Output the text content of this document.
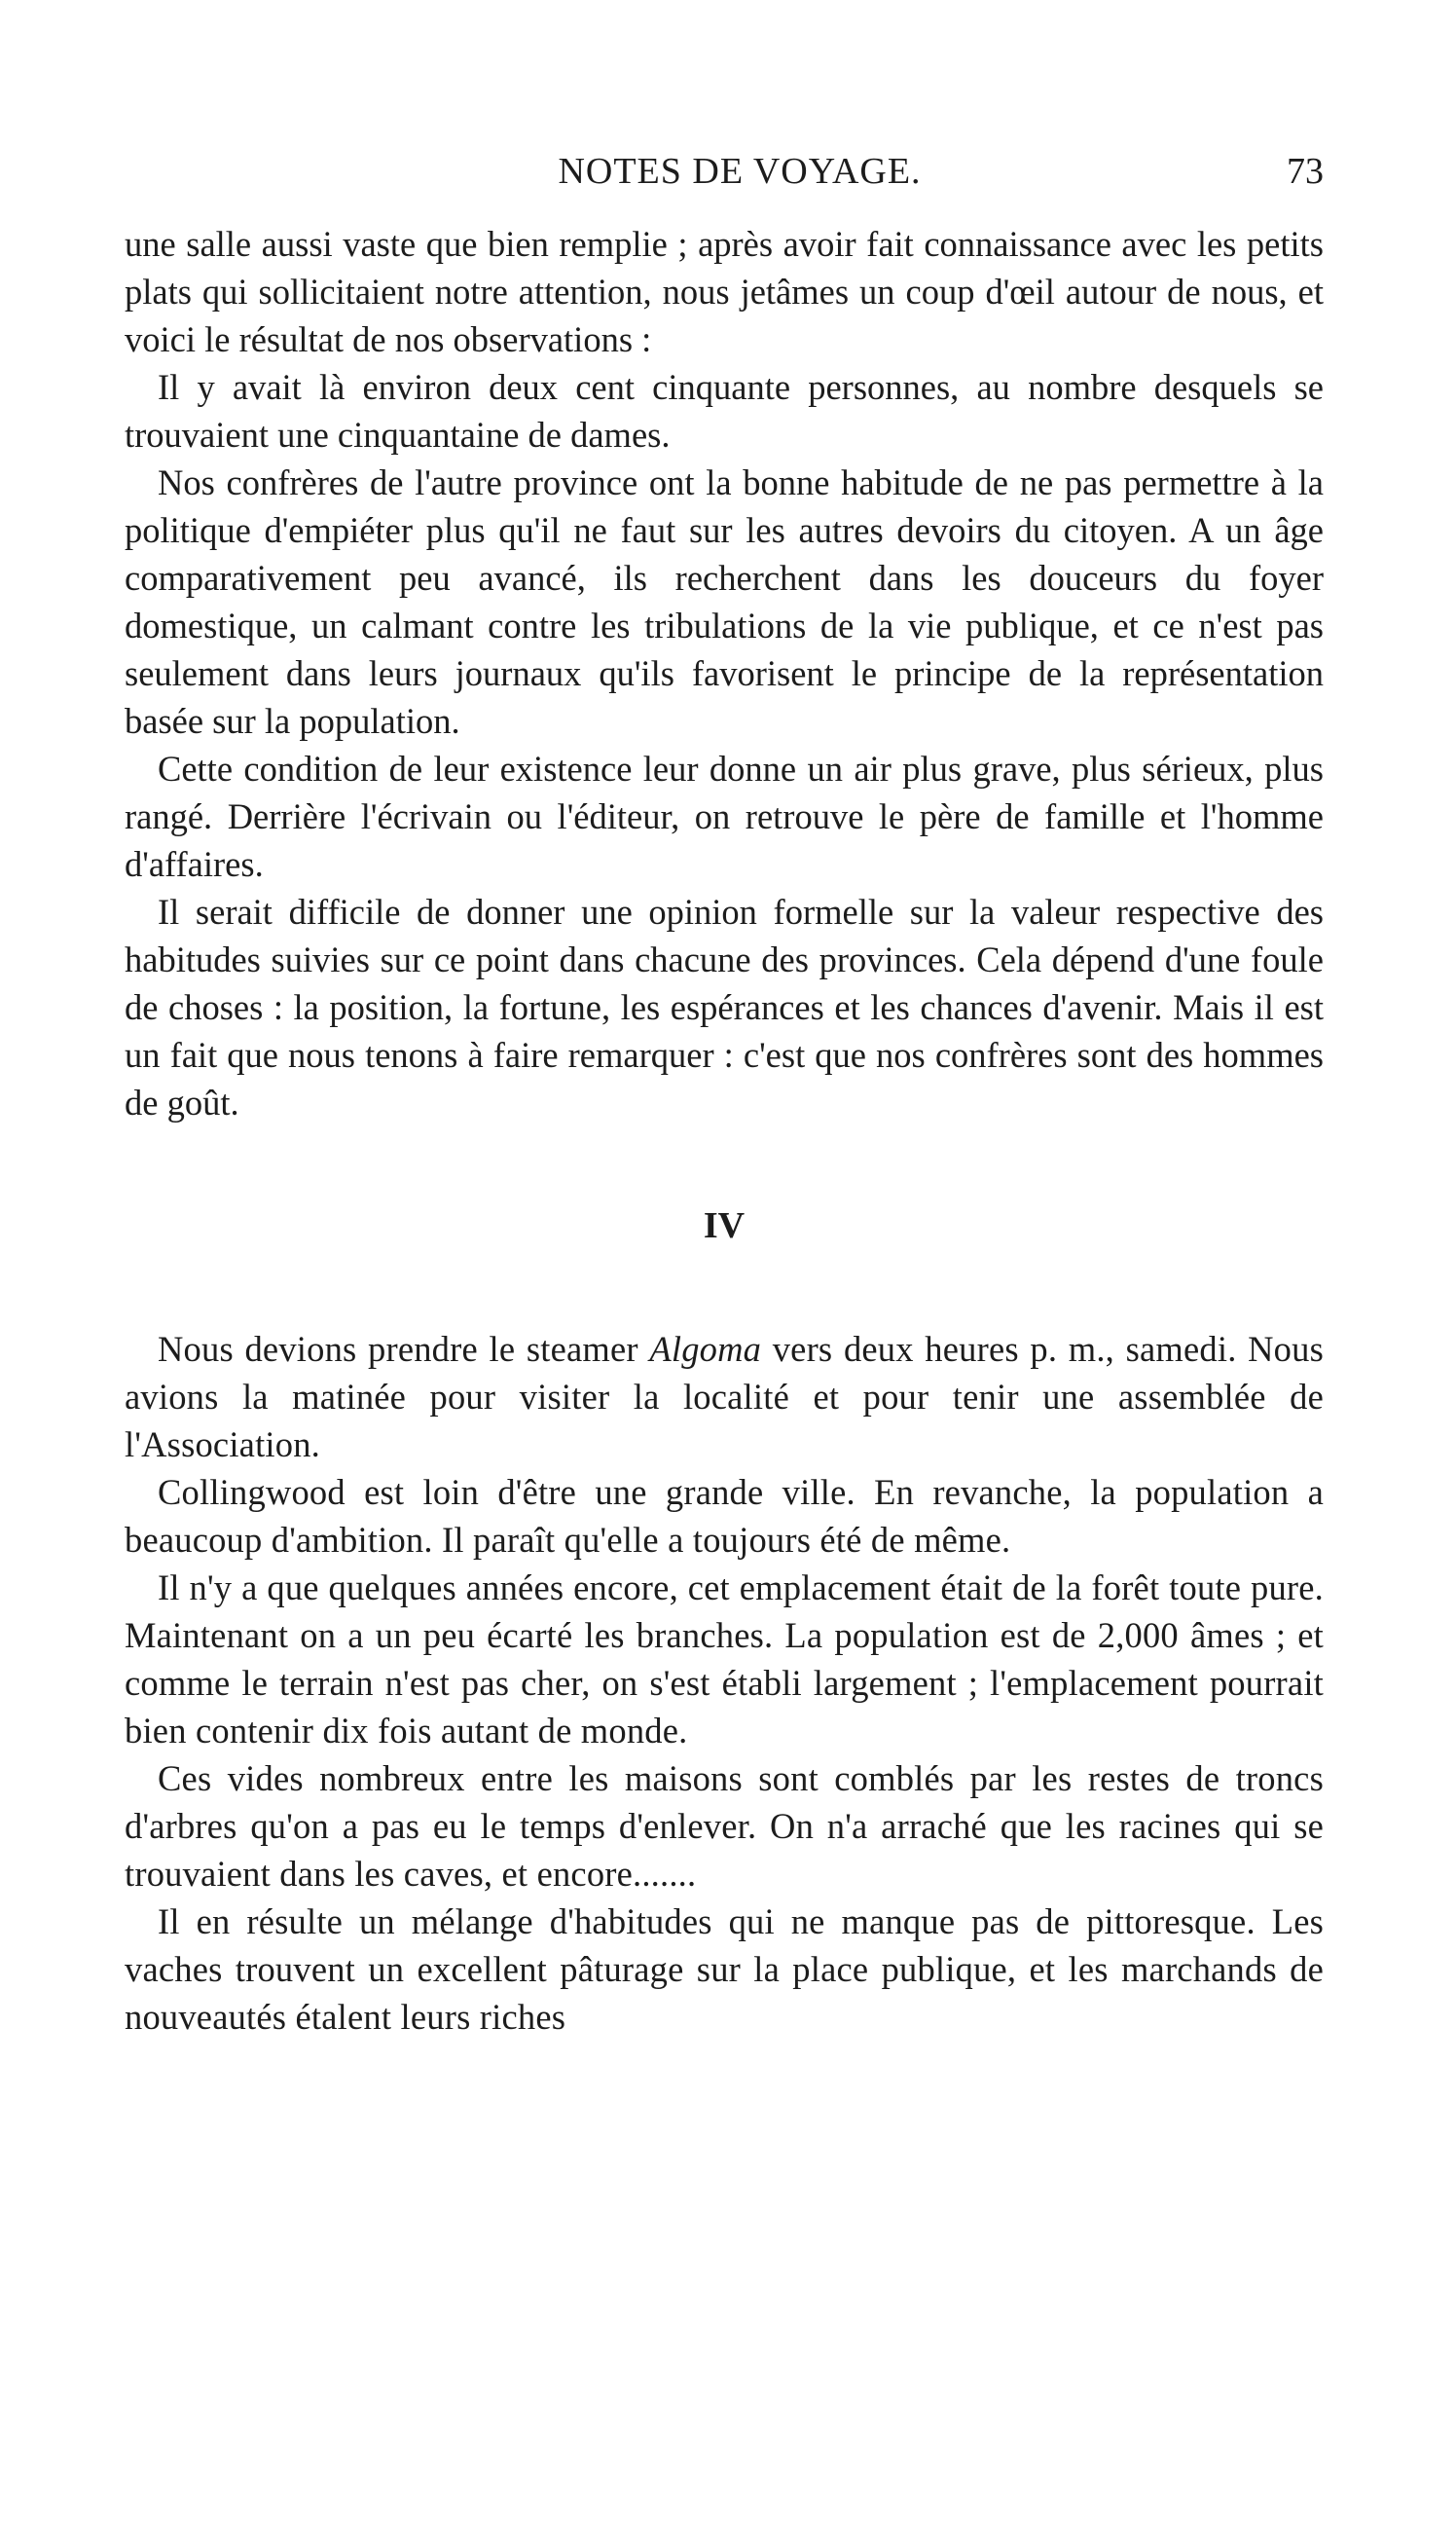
NOTES DE VOYAGE.	73

une salle aussi vaste que bien remplie ; après avoir fait connaissance avec les petits plats qui sollicitaient notre attention, nous jetâmes un coup d'œil autour de nous, et voici le résultat de nos observations :

Il y avait là environ deux cent cinquante personnes, au nombre desquels se trouvaient une cinquantaine de dames.

Nos confrères de l'autre province ont la bonne habitude de ne pas permettre à la politique d'empiéter plus qu'il ne faut sur les autres devoirs du citoyen. A un âge comparativement peu avancé, ils recherchent dans les douceurs du foyer domestique, un calmant contre les tribulations de la vie publique, et ce n'est pas seulement dans leurs journaux qu'ils favorisent le principe de la représentation basée sur la population.

Cette condition de leur existence leur donne un air plus grave, plus sérieux, plus rangé. Derrière l'écrivain ou l'éditeur, on retrouve le père de famille et l'homme d'affaires.

Il serait difficile de donner une opinion formelle sur la valeur respective des habitudes suivies sur ce point dans chacune des provinces. Cela dépend d'une foule de choses : la position, la fortune, les espérances et les chances d'avenir. Mais il est un fait que nous tenons à faire remarquer : c'est que nos confrères sont des hommes de goût.

IV

Nous devions prendre le steamer Algoma vers deux heures p. m., samedi. Nous avions la matinée pour visiter la localité et pour tenir une assemblée de l'Association.

Collingwood est loin d'être une grande ville. En revanche, la population a beaucoup d'ambition. Il paraît qu'elle a toujours été de même.

Il n'y a que quelques années encore, cet emplacement était de la forêt toute pure. Maintenant on a un peu écarté les branches. La population est de 2,000 âmes ; et comme le terrain n'est pas cher, on s'est établi largement ; l'emplacement pourrait bien contenir dix fois autant de monde.

Ces vides nombreux entre les maisons sont comblés par les restes de troncs d'arbres qu'on a pas eu le temps d'enlever. On n'a arraché que les racines qui se trouvaient dans les caves, et encore.......

Il en résulte un mélange d'habitudes qui ne manque pas de pittoresque. Les vaches trouvent un excellent pâturage sur la place publique, et les marchands de nouveautés étalent leurs riches
